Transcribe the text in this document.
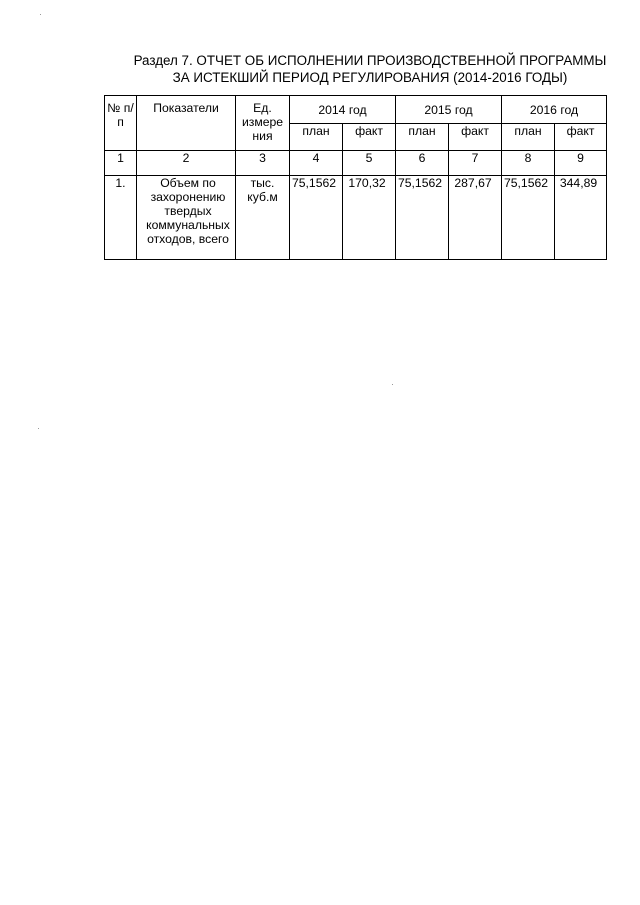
Раздел 7. ОТЧЕТ ОБ ИСПОЛНЕНИИ ПРОИЗВОДСТВЕННОЙ ПРОГРАММЫ
ЗА ИСТЕКШИЙ ПЕРИОД РЕГУЛИРОВАНИЯ (2014-2016 ГОДЫ)
№ п/п	Показатели	Ед. измере ния	2014 год		2015 год		2016 год	
			план	факт	план	факт	план	факт
1	2	3	4	5	6	7	8	9
1.	Объем по захоронению твердых коммунальных отходов, всего	тыс. куб.м	75,1562	170,32	75,1562	287,67	75,1562	344,89
